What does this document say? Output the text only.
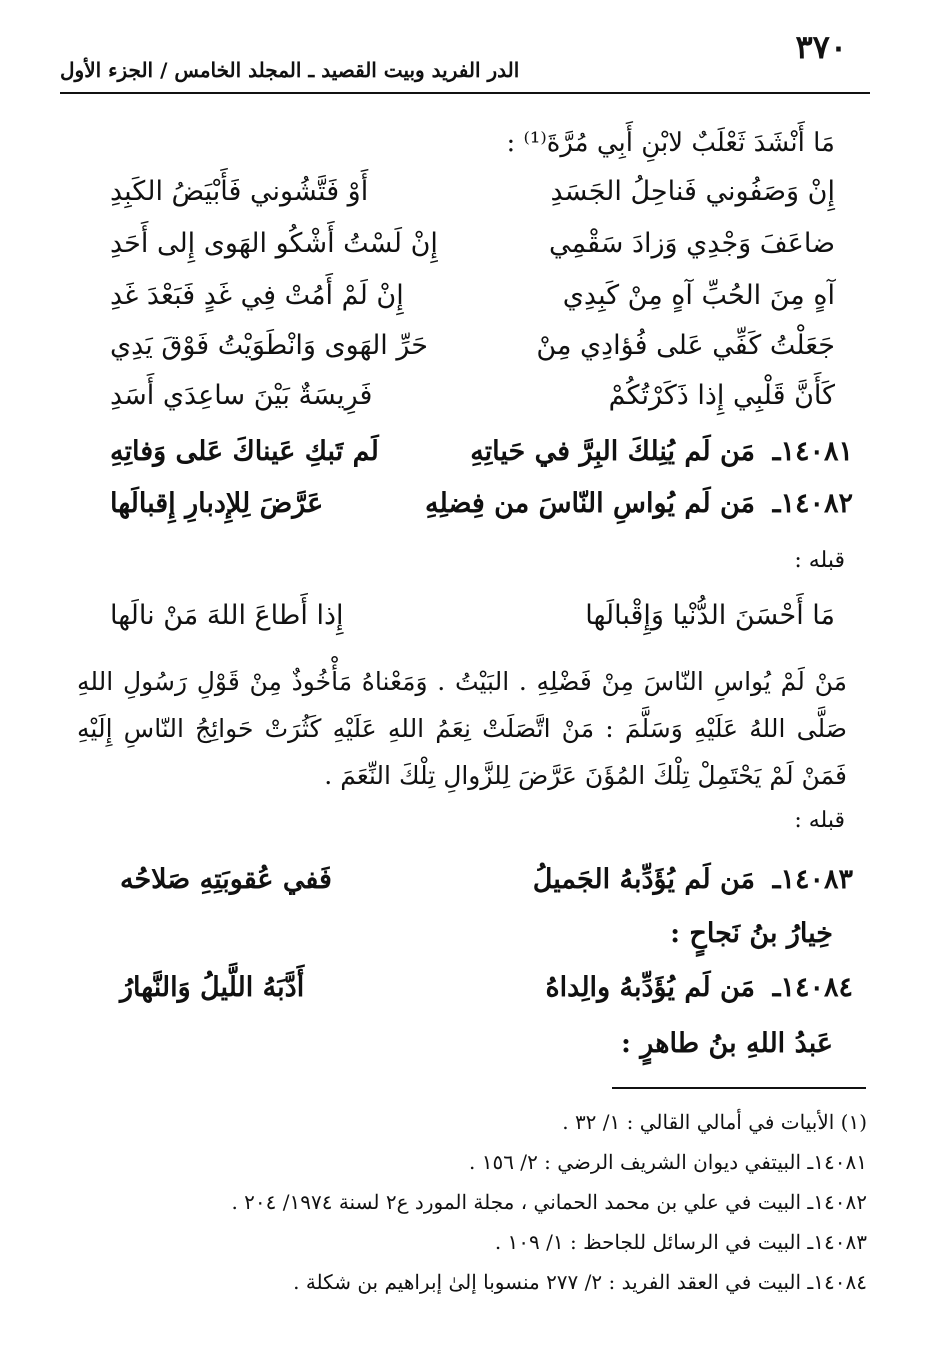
٣٧٠
الدر الفريد وبيت القصيد ـ المجلد الخامس / الجزء الأول
مَا أَنْشَدَ ثَعْلَبٌ لابْنِ أَبِي مُرَّةَ⁽¹⁾ :
إِنْ وَصَفُوني فَناحِلُ الجَسَدِ
أَوْ فَتَّشُوني فَأَبْيَضُ الكَبِدِ
ضاعَفَ وَجْدِي وَزادَ سَقْمِي
إِنْ لَسْتُ أَشْكُو الهَوى إِلى أَحَدِ
آهٍ مِنَ الحُبِّ آهٍ مِنْ كَبِدِي
إِنْ لَمْ أَمُتْ فِي غَدٍ فَبَعْدَ غَدِ
جَعَلْتُ كَفِّي عَلى فُؤادِي مِنْ
حَرِّ الهَوى وَانْطَوَيْتُ فَوْقَ يَدِي
كَأَنَّ قَلْبِي إِذا ذَكَرْتُكُمْ
فَرِيسَةٌ بَيْنَ ساعِدَي أَسَدِ
١٤٠٨١ـ
مَن لَم يُنِلكَ البِرَّ في حَياتِهِ
لَم تَبكِ عَيناكَ عَلى وَفاتِهِ
١٤٠٨٢ـ
مَن لَم يُواسِ النّاسَ من فِضلِهِ
عَرَّضَ لِلإِدبارِ إِقبالَها
قبله :
مَا أَحْسَنَ الدُّنْيا وَإِقْبالَها
إِذا أَطاعَ اللهَ مَنْ نالَها
مَنْ لَمْ يُواسِ النّاسَ مِنْ فَضْلِهِ . البَيْتُ . وَمَعْناهُ مَأْخُوذٌ مِنْ قَوْلِ رَسُولِ اللهِ صَلَّى اللهُ عَلَيْهِ وَسَلَّمَ : مَنْ اتَّصَلَتْ نِعَمُ اللهِ عَلَيْهِ كَثُرَتْ حَوائِجُ النّاسِ إِلَيْهِ فَمَنْ لَمْ يَحْتَمِلْ تِلْكَ المُؤَنَ عَرَّضَ لِلزَّوالِ تِلْكَ النِّعَمَ .
قبله :
١٤٠٨٣ـ
مَن لَم يُؤَدِّبهُ الجَميلُ
فَفي عُقوبَتِهِ صَلاحُه
خِيارُ بنُ نَجاحٍ :
١٤٠٨٤ـ
مَن لَم يُؤَدِّبهُ والِداهُ
أَدَّبَهُ اللَّيلُ وَالنَّهارُ
عَبدُ اللهِ بنُ طاهرٍ :
(١) الأبيات في أمالي القالي : ١/ ٣٢ .
١٤٠٨١ـ البيتفي ديوان الشريف الرضي : ٢/ ١٥٦ .
١٤٠٨٢ـ البيت في علي بن محمد الحماني ، مجلة المورد ع٢ لسنة ١٩٧٤/ ٢٠٤ .
١٤٠٨٣ـ البيت في الرسائل للجاحظ : ١/ ١٠٩ .
١٤٠٨٤ـ البيت في العقد الفريد : ٢/ ٢٧٧ منسوبا إلىٰ إبراهيم بن شكلة .
